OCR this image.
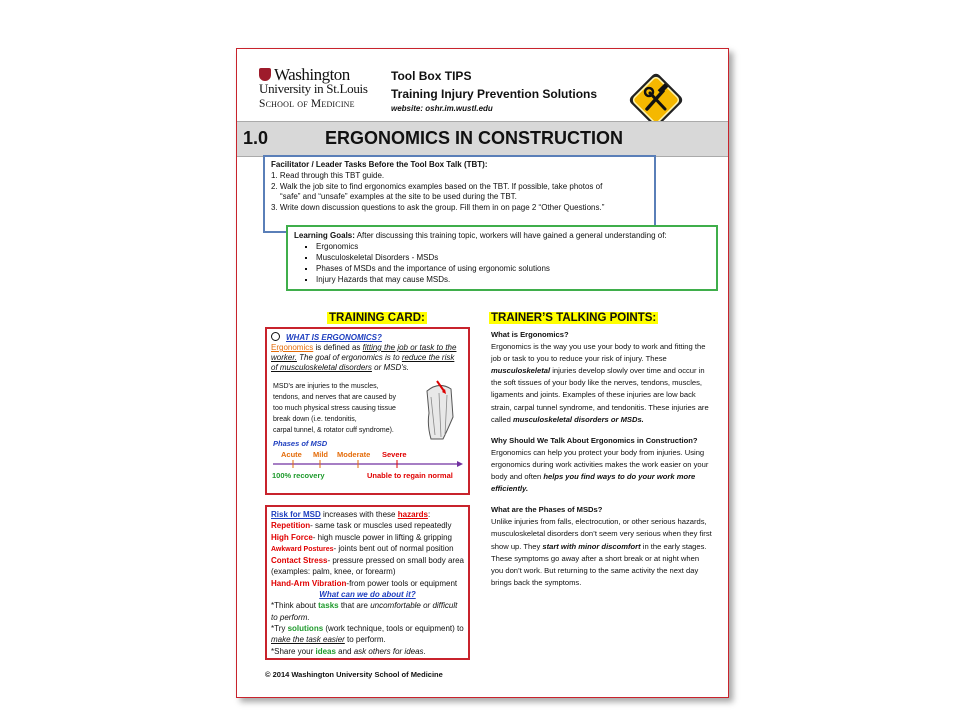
Washington
University in St.Louis
School of Medicine
Tool Box TIPS
Training Injury Prevention Solutions
website: oshr.im.wustl.edu
1.0	ERGONOMICS IN CONSTRUCTION
Facilitator / Leader Tasks Before the Tool Box Talk (TBT):
1. Read through this TBT guide.
2. Walk the job site to find ergonomics examples based on the TBT. If possible, take photos of
“safe” and “unsafe” examples at the site to be used during the TBT.
3. Write down discussion questions to ask the group. Fill them in on page 2 “Other Questions.”
Learning Goals: After discussing this training topic, workers will have gained a general understanding of:
▪ Ergonomics
▪ Musculoskeletal Disorders - MSDs
▪ Phases of MSDs and the importance of using ergonomic solutions
▪ Injury Hazards that may cause MSDs.
TRAINING CARD:	TRAINER’S TALKING POINTS:
WHAT IS ERGONOMICS?
Ergonomics is defined as fitting the job or task to the worker. The goal of ergonomics is to reduce the risk of musculoskeletal disorders or MSD's.
MSD's are injuries to the muscles,
tendons, and nerves that are caused by
too much physical stress causing tissue
break down (i.e. tendonitis,
carpal tunnel, & rotator cuff syndrome).
Phases of MSD
Acute Mild Moderate Severe
100% recovery	Unable to regain normal
Risk for MSD increases with these hazards:
Repetition- same task or muscles used repeatedly
High Force- high muscle power in lifting & gripping
Awkward Postures- joints bent out of normal position
Contact Stress- pressure pressed on small body area
(examples: palm, knee, or forearm)
Hand-Arm Vibration-from power tools or equipment
What can we do about it?
*Think about tasks that are uncomfortable or difficult to perform.
*Try solutions (work technique, tools or equipment) to make the task easier to perform.
*Share your ideas and ask others for ideas.
What is Ergonomics?

Ergonomics is the way you use your body to work and fitting the job or task to you to reduce your risk of injury. These musculoskeletal injuries develop slowly over time and occur in the soft tissues of your body like the nerves, tendons, muscles, ligaments and joints. Examples of these injuries are low back strain, carpal tunnel syndrome, and tendonitis. These injuries are called musculoskeletal disorders or MSDs.

Why Should We Talk About Ergonomics in Construction?

Ergonomics can help you protect your body from injuries. Using ergonomics during work activities makes the work easier on your body and often helps you find ways to do your work more efficiently.

What are the Phases of MSDs?

Unlike injuries from falls, electrocution, or other serious hazards, musculoskeletal disorders don’t seem very serious when they first show up. They start with minor discomfort in the early stages. These symptoms go away after a short break or at night when you don’t work. But returning to the same activity the next day brings back the symptoms.

© 2014 Washington University School of Medicine
